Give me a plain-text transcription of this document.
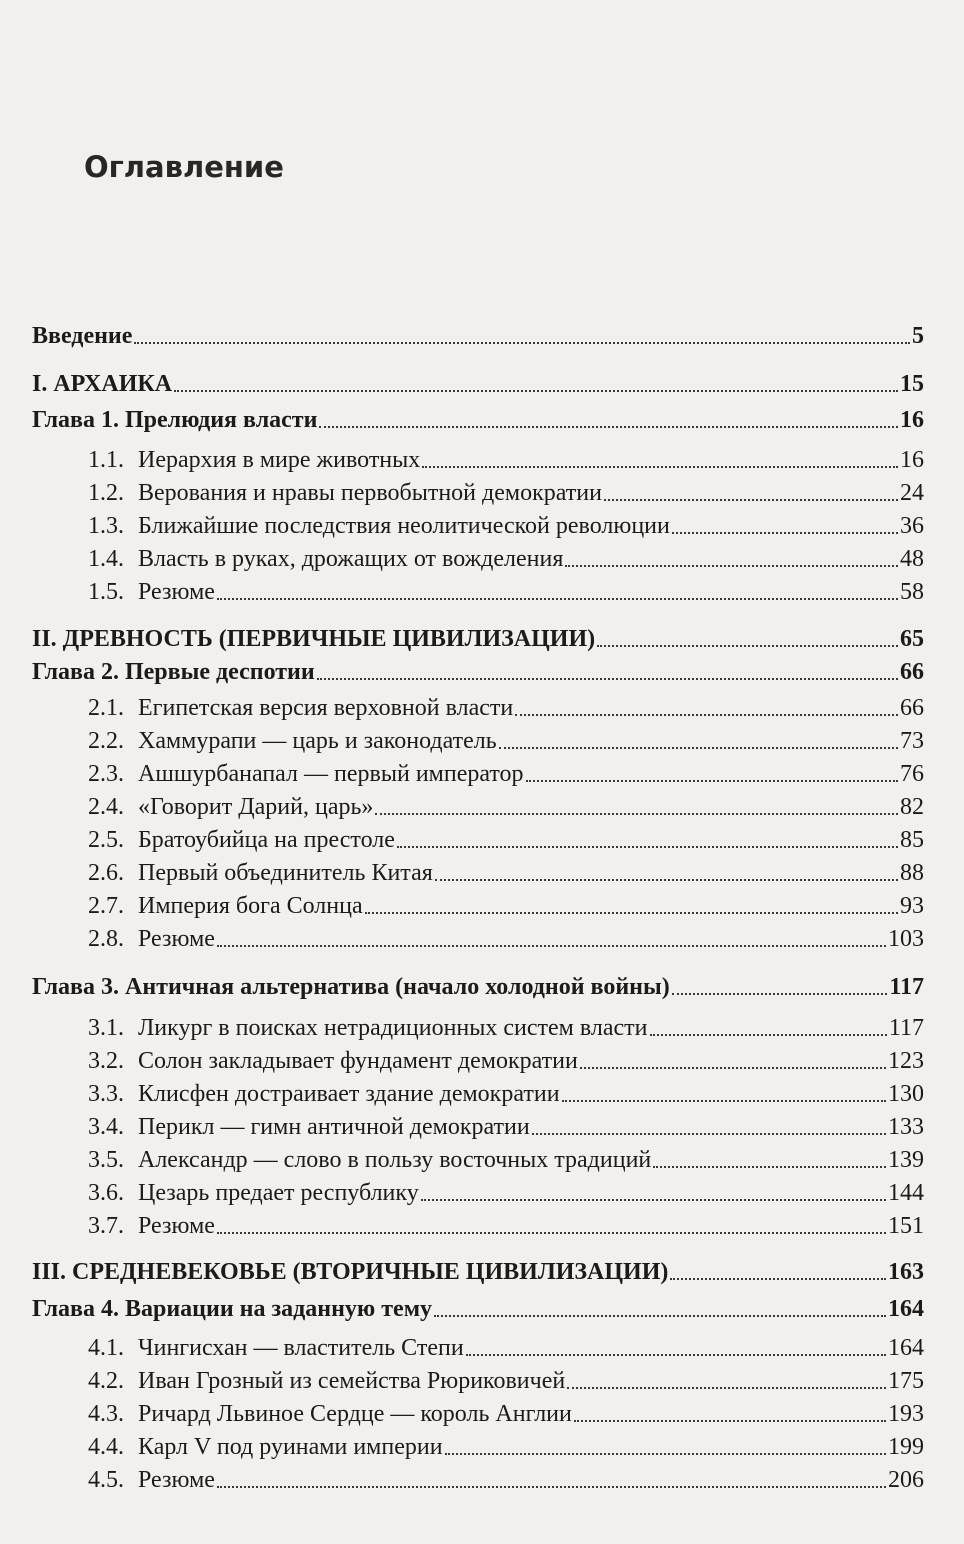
Оглавление
Введение	5
I. АРХАИКА	15
Глава 1. Прелюдия власти	16
1.1. Иерархия в мире животных	16
1.2. Верования и нравы первобытной демократии	24
1.3. Ближайшие последствия неолитической революции	36
1.4. Власть в руках, дрожащих от вожделения	48
1.5. Резюме	58
II. ДРЕВНОСТЬ (ПЕРВИЧНЫЕ ЦИВИЛИЗАЦИИ)	65
Глава 2. Первые деспотии	66
2.1. Египетская версия верховной власти	66
2.2. Хаммурапи — царь и законодатель	73
2.3. Ашшурбанапал — первый император	76
2.4. «Говорит Дарий, царь»	82
2.5. Братоубийца на престоле	85
2.6. Первый объединитель Китая	88
2.7. Империя бога Солнца	93
2.8. Резюме	103
Глава 3. Античная альтернатива (начало холодной войны)	117
3.1. Ликург в поисках нетрадиционных систем власти	117
3.2. Солон закладывает фундамент демократии	123
3.3. Клисфен достраивает здание демократии	130
3.4. Перикл — гимн античной демократии	133
3.5. Александр — слово в пользу восточных традиций	139
3.6. Цезарь предает республику	144
3.7. Резюме	151
III. СРЕДНЕВЕКОВЬЕ (ВТОРИЧНЫЕ ЦИВИЛИЗАЦИИ)	163
Глава 4. Вариации на заданную тему	164
4.1. Чингисхан — властитель Степи	164
4.2. Иван Грозный из семейства Рюриковичей	175
4.3. Ричард Львиное Сердце — король Англии	193
4.4. Карл V под руинами империи	199
4.5. Резюме	206
